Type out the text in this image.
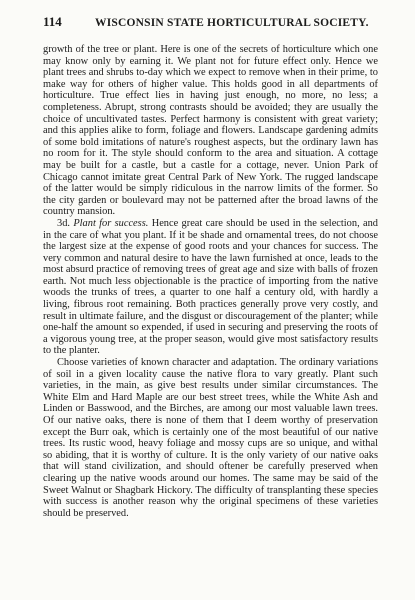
114	WISCONSIN STATE HORTICULTURAL SOCIETY.

growth of the tree or plant. Here is one of the secrets of horticulture which one may know only by earning it. We plant not for future effect only. Hence we plant trees and shrubs to-day which we expect to remove when in their prime, to make way for others of higher value. This holds good in all departments of horticulture. True effect lies in having just enough, no more, no less; a completeness. Abrupt, strong contrasts should be avoided; they are usually the choice of uncultivated tastes. Perfect harmony is consistent with great variety; and this applies alike to form, foliage and flowers. Landscape gardening admits of some bold imitations of nature's roughest aspects, but the ordinary lawn has no room for it. The style should conform to the area and situation. A cottage may be built for a castle, but a castle for a cottage, never. Union Park of Chicago cannot imitate great Central Park of New York. The rugged landscape of the latter would be simply ridiculous in the narrow limits of the former. So the city garden or boulevard may not be patterned after the broad lawns of the country mansion.

3d. Plant for success. Hence great care should be used in the selection, and in the care of what you plant. If it be shade and ornamental trees, do not choose the largest size at the expense of good roots and your chances for success. The very common and natural desire to have the lawn furnished at once, leads to the most absurd practice of removing trees of great age and size with balls of frozen earth. Not much less objectionable is the practice of importing from the native woods the trunks of trees, a quarter to one half a century old, with hardly a living, fibrous root remaining. Both practices generally prove very costly, and result in ultimate failure, and the disgust or discouragement of the planter; while one-half the amount so expended, if used in securing and preserving the roots of a vigorous young tree, at the proper season, would give most satisfactory results to the planter.

Choose varieties of known character and adaptation. The ordinary variations of soil in a given locality cause the native flora to vary greatly. Plant such varieties, in the main, as give best results under similar circumstances. The White Elm and Hard Maple are our best street trees, while the White Ash and Linden or Basswood, and the Birches, are among our most valuable lawn trees. Of our native oaks, there is none of them that I deem worthy of preservation except the Burr oak, which is certainly one of the most beautiful of our native trees. Its rustic wood, heavy foliage and mossy cups are so unique, and withal so abiding, that it is worthy of culture. It is the only variety of our native oaks that will stand civilization, and should oftener be carefully preserved when clearing up the native woods around our homes. The same may be said of the Sweet Walnut or Shagbark Hickory. The difficulty of transplanting these species with success is another reason why the original specimens of these varieties should be preserved.
